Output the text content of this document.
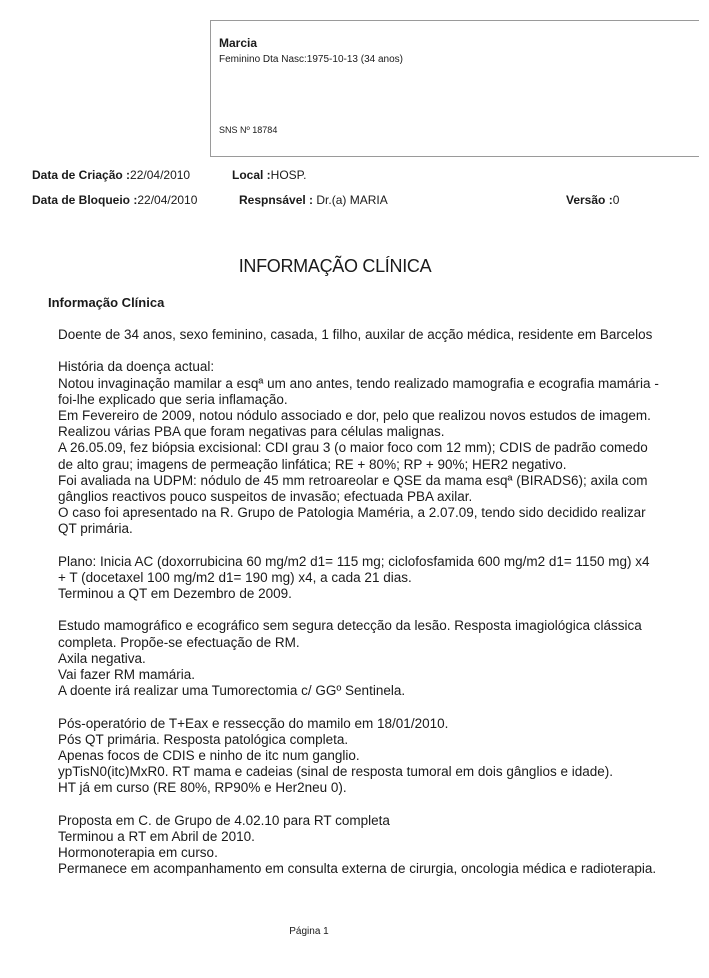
Marcia
Feminino Dta Nasc:1975-10-13 (34 anos)
SNS Nº 18784
Data de Criação :22/04/2010	Local :HOSP.
Data de Bloqueio :22/04/2010	Respnsável : Dr.(a) MARIA	Versão :0
INFORMAÇÃO CLÍNICA
Informação Clínica
Doente de 34 anos, sexo feminino, casada, 1 filho, auxilar de acção médica, residente em Barcelos
História da doença actual:
Notou invaginação mamilar a esqª um ano antes, tendo realizado mamografia e ecografia mamária -
foi-lhe explicado que seria inflamação.
Em Fevereiro de 2009, notou nódulo associado e dor, pelo que realizou novos estudos de imagem.
Realizou várias PBA que foram negativas para células malignas.
A 26.05.09, fez biópsia excisional: CDI grau 3 (o maior foco com 12 mm); CDIS de padrão comedo
de alto grau; imagens de permeação linfática; RE + 80%; RP + 90%; HER2 negativo.
Foi avaliada na UDPM: nódulo de 45 mm retroareolar e QSE da mama esqª (BIRADS6); axila com
gânglios reactivos pouco suspeitos de invasão; efectuada PBA axilar.
O caso foi apresentado na R. Grupo de Patologia Maméria, a 2.07.09, tendo sido decidido realizar
QT primária.
Plano: Inicia AC (doxorrubicina 60 mg/m2 d1= 115 mg; ciclofosfamida 600 mg/m2 d1= 1150 mg) x4
+ T (docetaxel 100 mg/m2 d1= 190 mg) x4, a cada 21 dias.
Terminou a QT em Dezembro de 2009.
Estudo mamográfico e ecográfico sem segura detecção da lesão. Resposta imagiológica clássica
completa. Propõe-se efectuação de RM.
Axila negativa.
Vai fazer RM mamária.
A doente irá realizar uma Tumorectomia c/ GGº Sentinela.
Pós-operatório de T+Eax e ressecção do mamilo em 18/01/2010.
Pós QT primária. Resposta patológica completa.
Apenas focos de CDIS e ninho de itc num ganglio.
ypTisN0(itc)MxR0. RT mama e cadeias (sinal de resposta tumoral em dois gânglios e idade).
HT já em curso (RE 80%, RP90% e Her2neu 0).
Proposta em C. de Grupo de 4.02.10 para RT completa
Terminou a RT em Abril de 2010.
Hormonoterapia em curso.
Permanece em acompanhamento em consulta externa de cirurgia, oncologia médica e radioterapia.
Página 1
